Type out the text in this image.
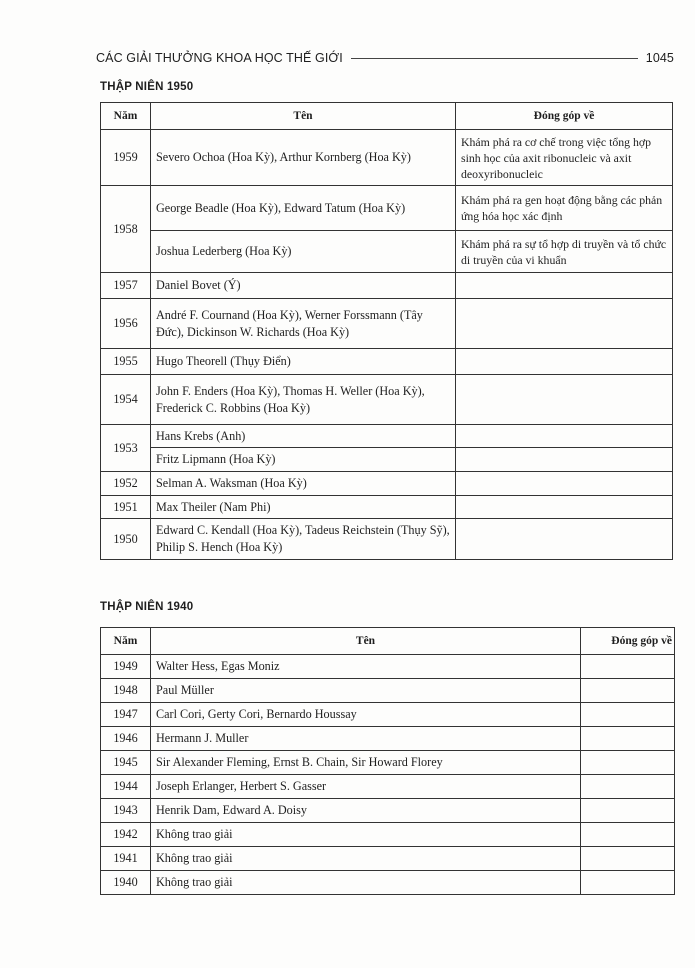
CÁC GIẢI THƯỞNG KHOA HỌC THẾ GIỚI	1045
THẬP NIÊN 1950
Năm	Tên	Đóng góp về
1959	Severo Ochoa (Hoa Kỳ), Arthur Kornberg (Hoa Kỳ)	Khám phá ra cơ chế trong việc tổng hợp sinh học của axit ribonucleic và axit deoxyribonucleic
1958	George Beadle (Hoa Kỳ), Edward Tatum (Hoa Kỳ)	Khám phá ra gen hoạt động bằng các phản ứng hóa học xác định
	Joshua Lederberg (Hoa Kỳ)	Khám phá ra sự tổ hợp di truyền và tổ chức di truyền của vi khuẩn
1957	Daniel Bovet (Ý)	
1956	André F. Cournand (Hoa Kỳ), Werner Forssmann (Tây Đức), Dickinson W. Richards (Hoa Kỳ)	
1955	Hugo Theorell (Thụy Điển)	
1954	John F. Enders (Hoa Kỳ), Thomas H. Weller (Hoa Kỳ), Frederick C. Robbins (Hoa Kỳ)	
1953	Hans Krebs (Anh)	
	Fritz Lipmann (Hoa Kỳ)	
1952	Selman A. Waksman (Hoa Kỳ)	
1951	Max Theiler (Nam Phi)	
1950	Edward C. Kendall (Hoa Kỳ), Tadeus Reichstein (Thụy Sỹ), Philip S. Hench (Hoa Kỳ)	
THẬP NIÊN 1940
Năm	Tên	Đóng góp về
1949	Walter Hess, Egas Moniz	
1948	Paul Müller	
1947	Carl Cori, Gerty Cori, Bernardo Houssay	
1946	Hermann J. Muller	
1945	Sir Alexander Fleming, Ernst B. Chain, Sir Howard Florey	
1944	Joseph Erlanger, Herbert S. Gasser	
1943	Henrik Dam, Edward A. Doisy	
1942	Không trao giải	
1941	Không trao giải	
1940	Không trao giải	
